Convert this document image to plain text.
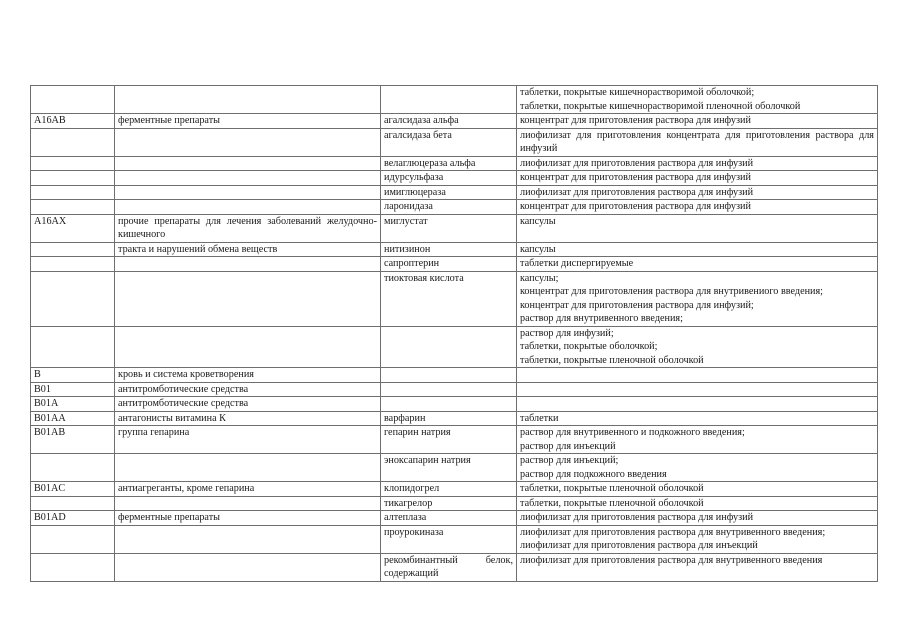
			таблетки, покрытые кишечнорастворимой оболочкой;
таблетки, покрытые кишечнорастворимой пленочной оболочкой

A16AB	ферментные препараты	агалсидаза альфа	концентрат для приготовления раствора для инфузий

		агалсидаза бета	лиофилизат для приготовления концентрата для приготовления раствора для инфузий

		велаглюцераза альфа	лиофилизат для приготовления раствора для инфузий

		идурсульфаза	концентрат для приготовления раствора для инфузий

		имиглюцераза	лиофилизат для приготовления раствора для инфузий

		ларонидаза	концентрат для приготовления раствора для инфузий

A16AX	прочие препараты для лечения заболеваний желудочно-кишечного	миглустат	капсулы

	тракта и нарушений обмена веществ	нитизинон	капсулы

		сапроптерин	таблетки диспергируемые

		тиоктовая кислота	капсулы;
концентрат для приготовления раствора для внутривениого введения;
концентрат для приготовления раствора для инфузий;
раствор для внутривенного введения;

			раствор для инфузий;
таблетки, покрытые оболочкой;
таблетки, покрытые пленочной оболочкой

B	кровь и система кроветворения		
B01	антитромботические средства		
B01A	антитромботические средства		
B01AA	антагонисты витамина К	варфарин	таблетки

B01AB	группа гепарина	гепарин натрия	раствор для внутривенного и подкожного введения;
раствор для инъекций

		эноксапарин натрия	раствор для инъекций;
раствор для подкожного введения

B01AC	антиагреганты, кроме гепарина	клопидогрел	таблетки, покрытые пленочной оболочкой

		тикагрелор	таблетки, покрытые пленочной оболочкой

B01AD	ферментные препараты	алтеплаза	лиофилизат для приготовления раствора для инфузий

		проурокиназа	лиофилизат для приготовления раствора для внутривенного введения;
лиофилизат для приготовления раствора для инъекций

		рекомбинантный белок, содержащий	лиофилизат для приготовления раствора для внутривенного введения
